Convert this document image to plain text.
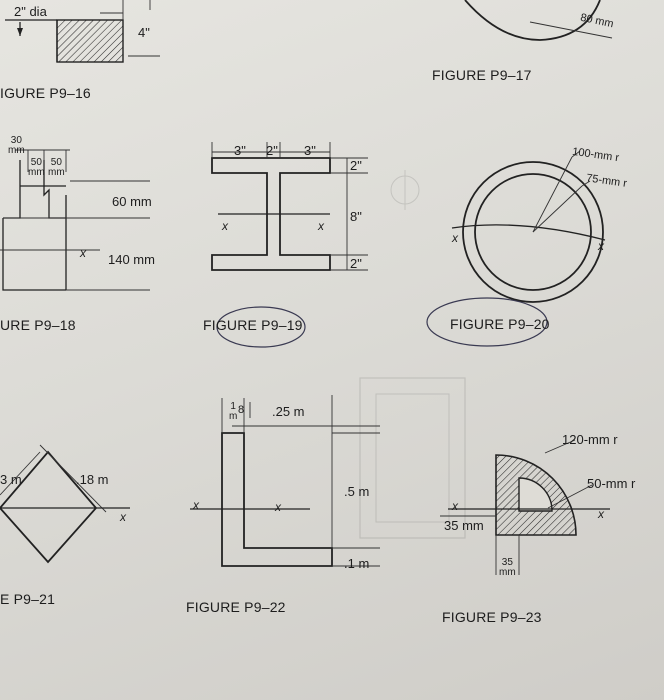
2" dia
4"
IGURE P9–16
80 mm
FIGURE P9–17
30
mm
50
mm
50
mm
60 mm
140 mm
x
URE P9–18
3" 2" 3"
2"
8"
2"
x	x
FIGURE P9–19
100-mm r
75-mm r
x
x
FIGURE P9–20
3 m	.18 m
x
E P9–21
1
m
8 .25 m
.5 m
.1 m
x	x
FIGURE P9–22
120-mm r
50-mm r
35 mm
35
mm
x
x
FIGURE P9–23
